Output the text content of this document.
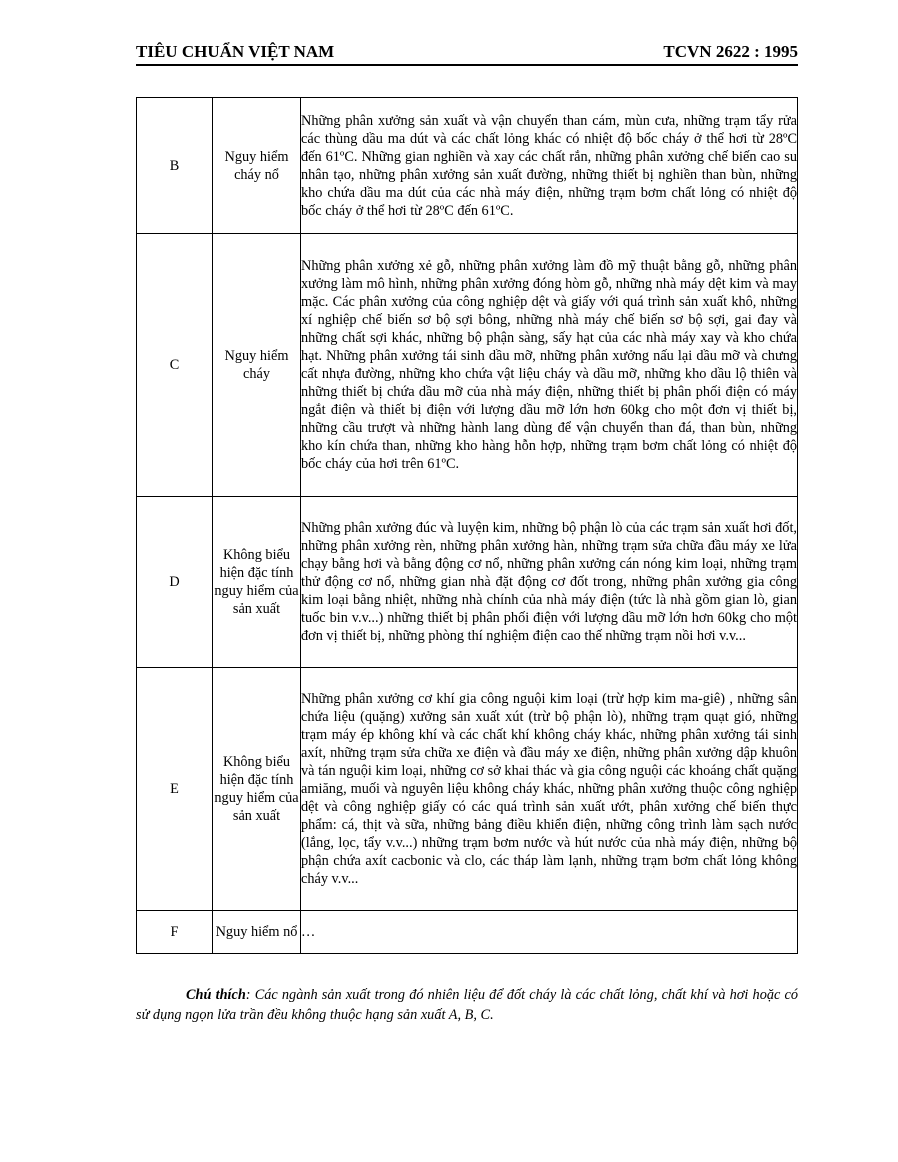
TIÊU CHUẨN VIỆT NAM	TCVN 2622 : 1995
B	Nguy hiểm cháy nổ	Những phân xưởng sản xuất và vận chuyển than cám, mùn cưa, những trạm tẩy rửa các thùng dầu ma dút và các chất lỏng khác có nhiệt độ bốc cháy ở thể hơi từ 28ºC đến 61ºC. Những gian nghiền và xay các chất rắn, những phân xưởng chế biến cao su nhân tạo, những phân xưởng sản xuất đường, những thiết bị nghiền than bùn, những kho chứa dầu ma dút của các nhà máy điện, những trạm bơm chất lỏng có nhiệt độ bốc cháy ở thể hơi từ 28ºC đến 61ºC.
C	Nguy hiểm cháy	Những phân xưởng xẻ gỗ, những phân xưởng làm đồ mỹ thuật bằng gỗ, những phân xưởng làm mô hình, những phân xưởng đóng hòm gỗ, những nhà máy dệt kim và may mặc. Các phân xưởng của công nghiệp dệt và giấy với quá trình sản xuất khô, những xí nghiệp chế biến sơ bộ sợi bông, những nhà máy chế biến sơ bộ sợi, gai đay và những chất sợi khác, những bộ phận sàng, sấy hạt của các nhà máy xay và kho chứa hạt. Những phân xưởng tái sinh dầu mỡ, những phân xưởng nấu lại dầu mỡ và chưng cất nhựa đường, những kho chứa vật liệu cháy và dầu mỡ, những kho dầu lộ thiên và những thiết bị chứa dầu mỡ của nhà máy điện, những thiết bị phân phối điện có máy ngắt điện và thiết bị điện với lượng dầu mỡ lớn hơn 60kg cho một đơn vị thiết bị, những cầu trượt và những hành lang dùng để vận chuyển than đá, than bùn, những kho kín chứa than, những kho hàng hỗn hợp, những trạm bơm chất lỏng có nhiệt độ bốc cháy của hơi trên 61ºC.
D	Không biểu hiện đặc tính nguy hiểm của sản xuất	Những phân xưởng đúc và luyện kim, những bộ phận lò của các trạm sản xuất hơi đốt, những phân xưởng rèn, những phân xưởng hàn, những trạm sửa chữa đầu máy xe lửa chạy bằng hơi và bằng động cơ nổ, những phân xưởng cán nóng kim loại, những trạm thử động cơ nổ, những gian nhà đặt động cơ đốt trong, những phân xưởng gia công kim loại bằng nhiệt, những nhà chính của nhà máy điện (tức là nhà gồm gian lò, gian tuốc bin v.v...) những thiết bị phân phối điện với lượng dầu mỡ lớn hơn 60kg cho một đơn vị thiết bị, những phòng thí nghiệm điện cao thế những trạm nồi hơi v.v...
E	Không biểu hiện đặc tính nguy hiểm của sản xuất	Những phân xưởng cơ khí gia công nguội kim loại (trừ hợp kim ma-giê) , những sân chứa liệu (quặng) xưởng sản xuất xút (trừ bộ phận lò), những trạm quạt gió, những trạm máy ép không khí và các chất khí không cháy khác, những phân xưởng tái sinh axít, những trạm sửa chữa xe điện và đầu máy xe điện, những phân xưởng dập khuôn và tán nguội kim loại, những cơ sở khai thác và gia công nguội các khoáng chất quặng amiăng, muối và nguyên liệu không cháy khác, những phân xưởng thuộc công nghiệp dệt và công nghiệp giấy có các quá trình sản xuất ướt, phân xưởng chế biến thực phẩm: cá, thịt và sữa, những bảng điều khiển điện, những công trình làm sạch nước (lắng, lọc, tẩy v.v...) những trạm bơm nước và hút nước của nhà máy điện, những bộ phận chứa axít cacbonic và clo, các tháp làm lạnh, những trạm bơm chất lỏng không cháy v.v...
F	Nguy hiểm nổ	…
Chú thích: Các ngành sản xuất trong đó nhiên liệu để đốt cháy là các chất lỏng, chất khí và hơi hoặc có sử dụng ngọn lửa trần đều không thuộc hạng sản xuất A, B, C.
